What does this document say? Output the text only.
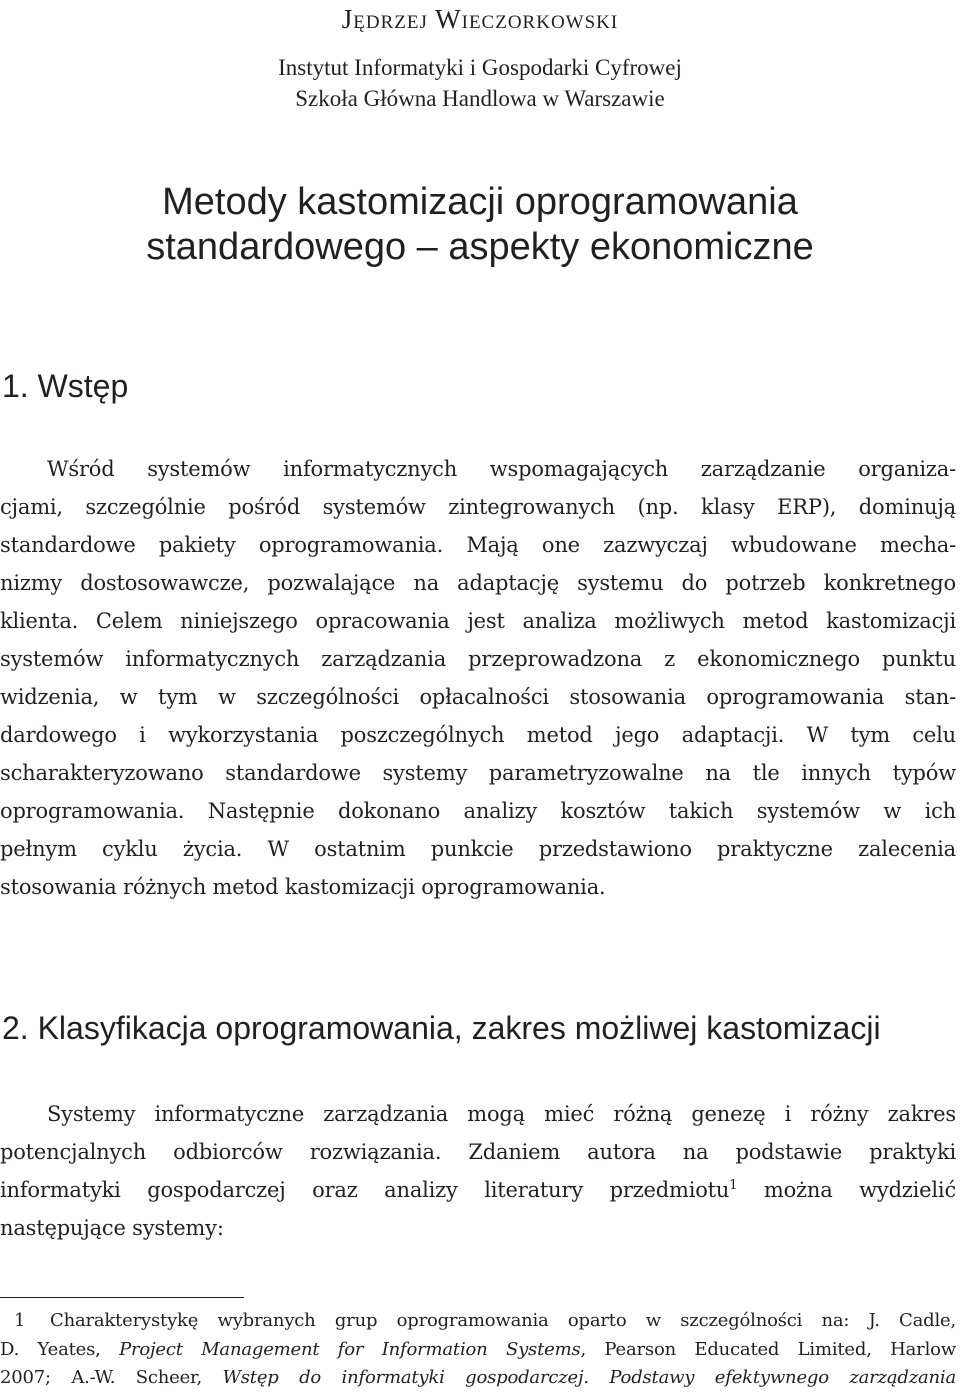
Jędrzej Wieczorkowski

Instytut Informatyki i Gospodarki Cyfrowej

Szkoła Główna Handlowa w Warszawie

Metody kastomizacji oprogramowania
standardowego – aspekty ekonomiczne
1. Wstęp
Wśród systemów informatycznych wspomagających zarządzanie organiza-
cjami, szczególnie pośród systemów zintegrowanych (np. klasy ERP), dominują
standardowe pakiety oprogramowania. Mają one zazwyczaj wbudowane mecha-
nizmy dostosowawcze, pozwalające na adaptację systemu do potrzeb konkretnego
klienta. Celem niniejszego opracowania jest analiza możliwych metod kastomizacji
systemów informatycznych zarządzania przeprowadzona z ekonomicznego punktu
widzenia, w tym w szczególności opłacalności stosowania oprogramowania stan-
dardowego i wykorzystania poszczególnych metod jego adaptacji. W tym celu
scharakteryzowano standardowe systemy parametryzowalne na tle innych typów
oprogramowania. Następnie dokonano analizy kosztów takich systemów w ich
pełnym cyklu życia. W ostatnim punkcie przedstawiono praktyczne zalecenia
stosowania różnych metod kastomizacji oprogramowania.
2. Klasyfikacja oprogramowania, zakres możliwej kastomizacji
Systemy informatyczne zarządzania mogą mieć różną genezę i różny zakres
potencjalnych odbiorców rozwiązania. Zdaniem autora na podstawie praktyki
informatyki gospodarczej oraz analizy literatury przedmiotu$^1$ można wydzielić
następujące systemy:
1 Charakterystykę wybranych grup oprogramowania oparto w szczególności na: J. Cadle,
D. Yeates, Project Management for Information Systems, Pearson Educated Limited, Harlow
2007; A.-W. Scheer, Wstęp do informatyki gospodarczej. Podstawy efektywnego zarządzania
